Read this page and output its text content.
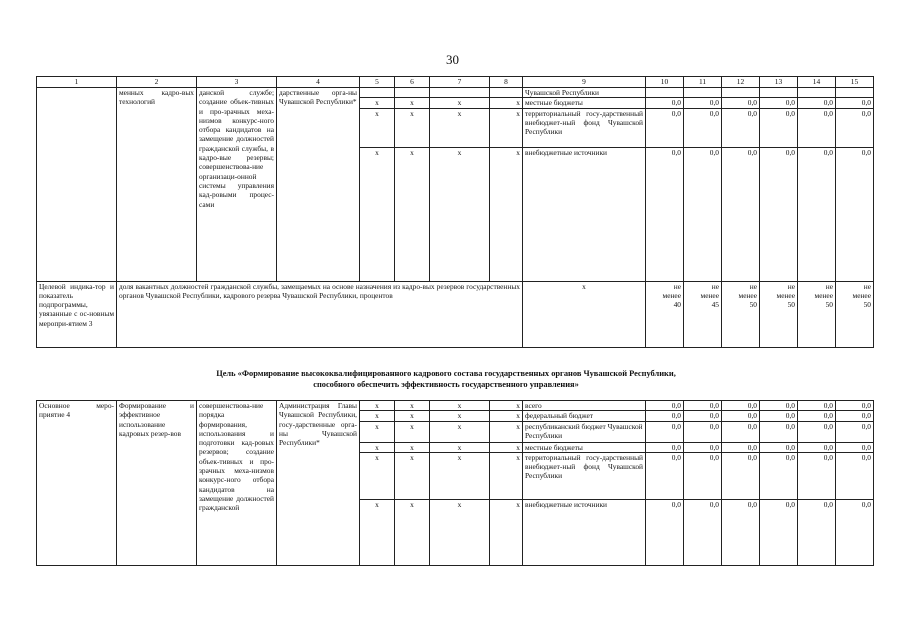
30
1	2	3	4	5	6	7	8	9	10	11	12	13	14	15
	менных кадро-вых технологий	данской службе; создание объек-тивных и про-зрачных меха-низмов конкурс-ного отбора кандидатов на замещение должностей гражданской службы, в кадро-вые резервы; совершенствова-ние организаци-онной системы управления кад-ровыми процес-сами	дарственные орга-ны Чувашской Республики*					Чувашской Республики						
				x	x	x	x	местные бюджеты	0,0	0,0	0,0	0,0	0,0	0,0
				x	x	x	x	территориальный госу-дарственный внебюджет-ный фонд Чувашской Республики	0,0	0,0	0,0	0,0	0,0	0,0
				x	x	x	x	внебюджетные источники	0,0	0,0	0,0	0,0	0,0	0,0
Целевой индика-тор и показатель подпрограммы, увязанные с ос-новным меропри-ятием 3	доля вакантных должностей гражданской службы, замещаемых на основе назначения из кадро-вых резервов государственных органов Чувашской Республики, кадрового резерва Чувашской Республики, процентов							x	не
менее
40	не
менее
45	не
менее
50	не
менее
50	не
менее
50	не
менее
50
Цель «Формирование высококвалифицированного кадрового состава государственных органов Чувашской Республики,
способного обеспечить эффективность государственного управления»
Основное меро-приятие 4	Формирование и эффективное использование кадровых резер-вов	совершенствова-ние порядка формирования, использования и подготовки кад-ровых резервов; создание объек-тивных и про-зрачных меха-низмов конкурс-ного отбора кандидатов на замещение должностей гражданской	Администрация Главы Чувашской Республики, госу-дарственные орга-ны Чувашской Республики*	x	x	x	x	всего	0,0	0,0	0,0	0,0	0,0	0,0
				x	x	x	x	федеральный бюджет	0,0	0,0	0,0	0,0	0,0	0,0
				x	x	x	x	республиканский бюджет Чувашской Республики	0,0	0,0	0,0	0,0	0,0	0,0
				x	x	x	x	местные бюджеты	0,0	0,0	0,0	0,0	0,0	0,0
				x	x	x	x	территориальный госу-дарственный внебюджет-ный фонд Чувашской Республики	0,0	0,0	0,0	0,0	0,0	0,0
				x	x	x	x	внебюджетные источники	0,0	0,0	0,0	0,0	0,0	0,0
